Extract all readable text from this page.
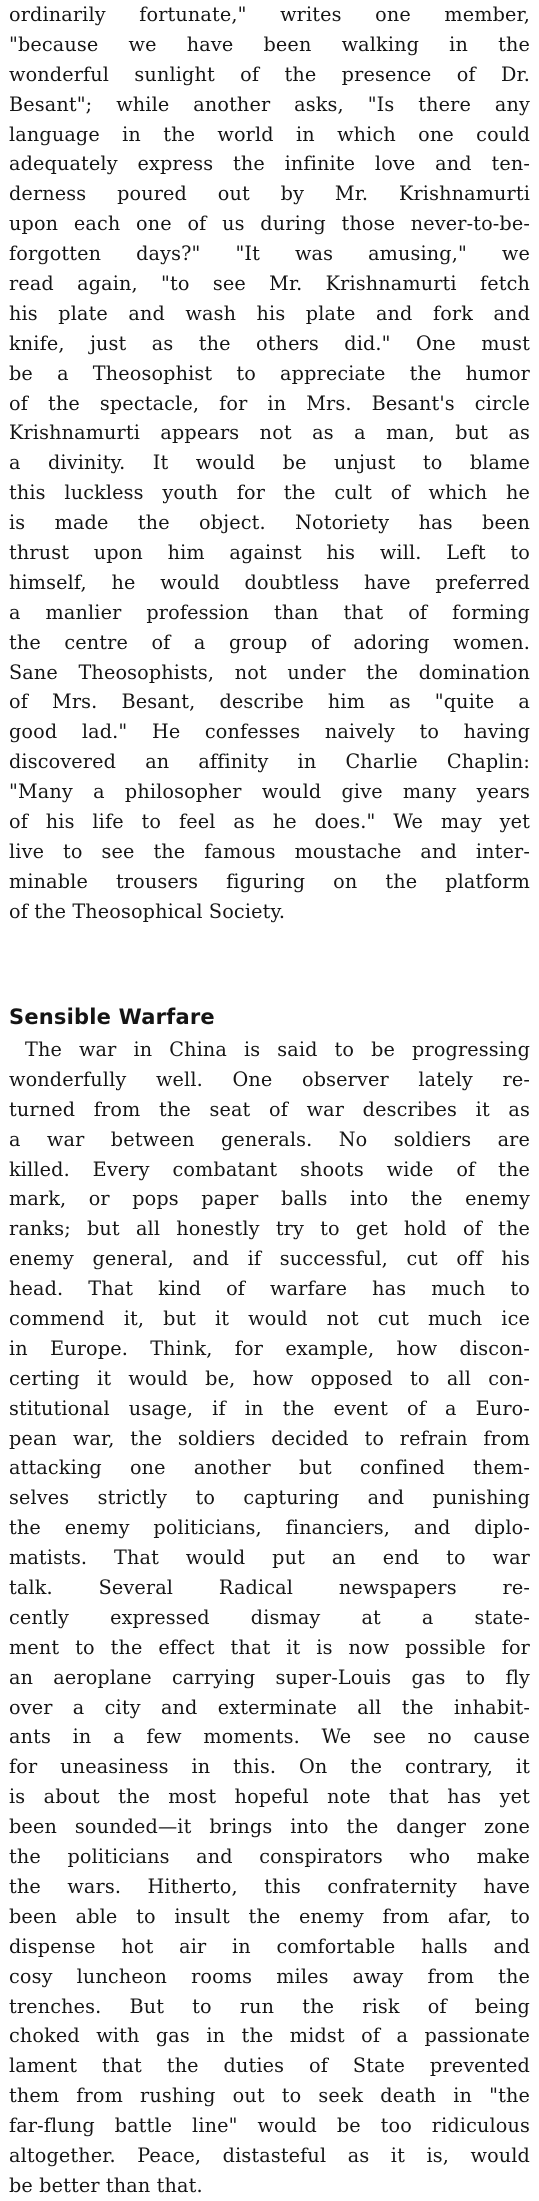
ordinarily fortunate," writes one member,
"because we have been walking in the
wonderful sunlight of the presence of Dr.
Besant"; while another asks, "Is there any
language in the world in which one could
adequately express the infinite love and ten-
derness poured out by Mr. Krishnamurti
upon each one of us during those never-to-be-
forgotten days?" "It was amusing," we
read again, "to see Mr. Krishnamurti fetch
his plate and wash his plate and fork and
knife, just as the others did." One must
be a Theosophist to appreciate the humor
of the spectacle, for in Mrs. Besant's circle
Krishnamurti appears not as a man, but as
a divinity. It would be unjust to blame
this luckless youth for the cult of which he
is made the object. Notoriety has been
thrust upon him against his will. Left to
himself, he would doubtless have preferred
a manlier profession than that of forming
the centre of a group of adoring women.
Sane Theosophists, not under the domination
of Mrs. Besant, describe him as "quite a
good lad." He confesses naively to having
discovered an affinity in Charlie Chaplin:
"Many a philosopher would give many years
of his life to feel as he does." We may yet
live to see the famous moustache and inter-
minable trousers figuring on the platform
of the Theosophical Society.
Sensible Warfare
The war in China is said to be progressing
wonderfully well. One observer lately re-
turned from the seat of war describes it as
a war between generals. No soldiers are
killed. Every combatant shoots wide of the
mark, or pops paper balls into the enemy
ranks; but all honestly try to get hold of the
enemy general, and if successful, cut off his
head. That kind of warfare has much to
commend it, but it would not cut much ice
in Europe. Think, for example, how discon-
certing it would be, how opposed to all con-
stitutional usage, if in the event of a Euro-
pean war, the soldiers decided to refrain from
attacking one another but confined them-
selves strictly to capturing and punishing
the enemy politicians, financiers, and diplo-
matists. That would put an end to war
talk. Several Radical newspapers re-
cently expressed dismay at a state-
ment to the effect that it is now possible for
an aeroplane carrying super-Louis gas to fly
over a city and exterminate all the inhabit-
ants in a few moments. We see no cause
for uneasiness in this. On the contrary, it
is about the most hopeful note that has yet
been sounded—it brings into the danger zone
the politicians and conspirators who make
the wars. Hitherto, this confraternity have
been able to insult the enemy from afar, to
dispense hot air in comfortable halls and
cosy luncheon rooms miles away from the
trenches. But to run the risk of being
choked with gas in the midst of a passionate
lament that the duties of State prevented
them from rushing out to seek death in "the
far-flung battle line" would be too ridiculous
altogether. Peace, distasteful as it is, would
be better than that.
